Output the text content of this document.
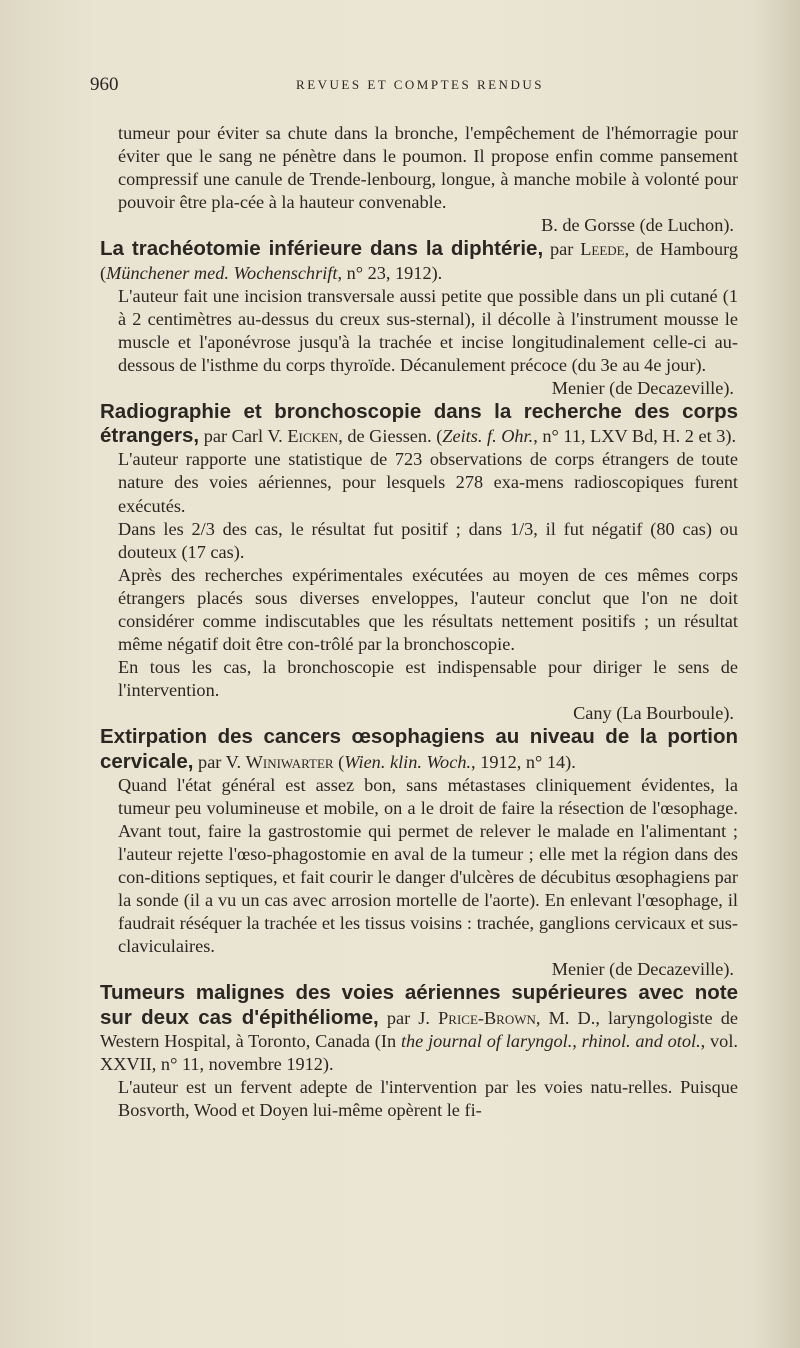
960	REVUES ET COMPTES RENDUS

tumeur pour éviter sa chute dans la bronche, l'empêchement de l'hémorragie pour éviter que le sang ne pénètre dans le poumon. Il propose enfin comme pansement compressif une canule de Trende-lenbourg, longue, à manche mobile à volonté pour pouvoir être pla-cée à la hauteur convenable.

B. de Gorsse (de Luchon).

La trachéotomie inférieure dans la diphtérie, par Leede, de Hambourg (Münchener med. Wochenschrift, n° 23, 1912).

L'auteur fait une incision transversale aussi petite que possible dans un pli cutané (1 à 2 centimètres au-dessus du creux sus-sternal), il décolle à l'instrument mousse le muscle et l'aponévrose jusqu'à la trachée et incise longitudinalement celle-ci au-dessous de l'isthme du corps thyroïde. Décanulement précoce (du 3e au 4e jour).

Menier (de Decazeville).

Radiographie et bronchoscopie dans la recherche des corps étrangers, par Carl V. Eicken, de Giessen. (Zeits. f. Ohr., n° 11, LXV Bd, H. 2 et 3).

L'auteur rapporte une statistique de 723 observations de corps étrangers de toute nature des voies aériennes, pour lesquels 278 exa-mens radioscopiques furent exécutés.

Dans les 2/3 des cas, le résultat fut positif ; dans 1/3, il fut négatif (80 cas) ou douteux (17 cas).

Après des recherches expérimentales exécutées au moyen de ces mêmes corps étrangers placés sous diverses enveloppes, l'auteur conclut que l'on ne doit considérer comme indiscutables que les résultats nettement positifs ; un résultat même négatif doit être con-trôlé par la bronchoscopie.

En tous les cas, la bronchoscopie est indispensable pour diriger le sens de l'intervention.

Cany (La Bourboule).

Extirpation des cancers œsophagiens au niveau de la portion cervicale, par V. Winiwarter (Wien. klin. Woch., 1912, n° 14).

Quand l'état général est assez bon, sans métastases cliniquement évidentes, la tumeur peu volumineuse et mobile, on a le droit de faire la résection de l'œsophage. Avant tout, faire la gastrostomie qui permet de relever le malade en l'alimentant ; l'auteur rejette l'œso-phagostomie en aval de la tumeur ; elle met la région dans des con-ditions septiques, et fait courir le danger d'ulcères de décubitus œsophagiens par la sonde (il a vu un cas avec arrosion mortelle de l'aorte). En enlevant l'œsophage, il faudrait réséquer la trachée et les tissus voisins : trachée, ganglions cervicaux et sus-claviculaires.

Menier (de Decazeville).

Tumeurs malignes des voies aériennes supérieures avec note sur deux cas d'épithéliome, par J. Price-Brown, M. D., laryngologiste de Western Hospital, à Toronto, Canada (In the journal of laryngol., rhinol. and otol., vol. XXVII, n° 11, novembre 1912).

L'auteur est un fervent adepte de l'intervention par les voies natu-relles. Puisque Bosvorth, Wood et Doyen lui-même opèrent le fi-
